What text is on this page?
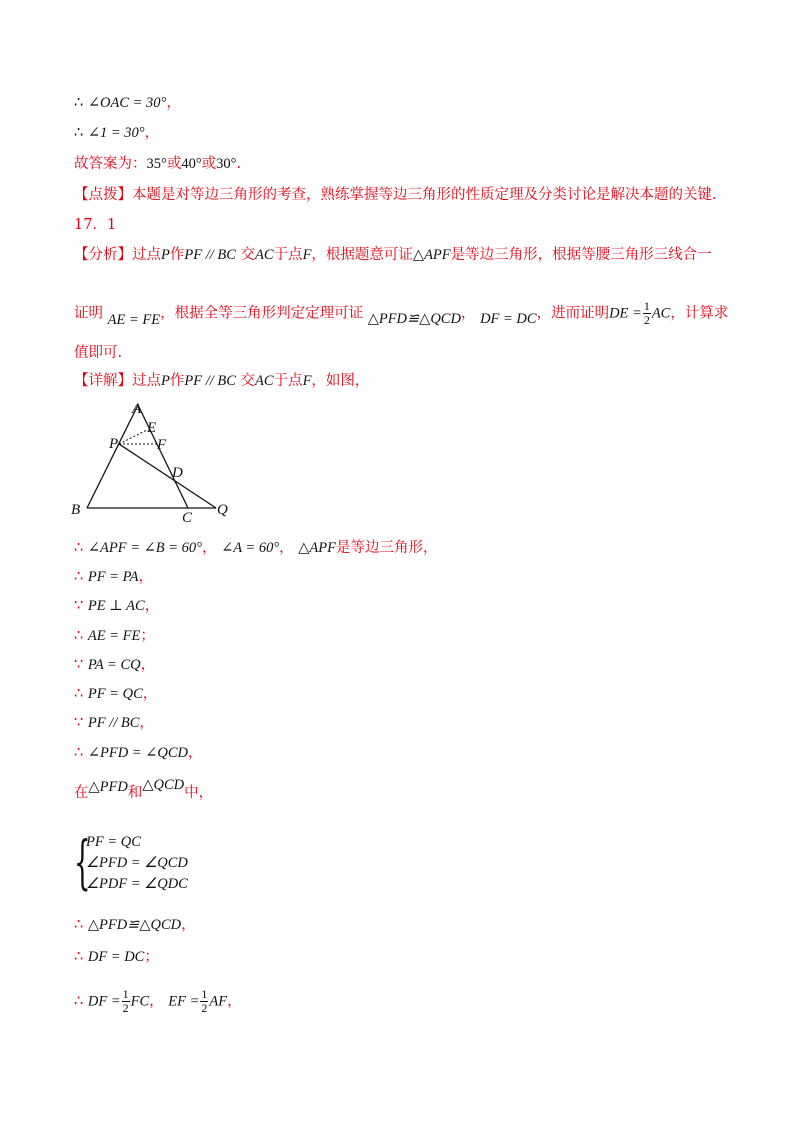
∴ ∠OAC = 30°，
∴ ∠1 = 30°，
故答案为：35°或40°或30°.
【点拨】本题是对等边三角形的考查，熟练掌握等边三角形的性质定理及分类讨论是解决本题的关键.
17．1
【分析】过点P作PF // BC 交AC于点F，根据题意可证△APF是等边三角形，根据等腰三角形三线合一
证明 AE = FE，根据全等三角形判定定理可证 △PFD≌△QCD， DF = DC，进而证明DE = $\frac{1}{2}$ AC，计算求
值即可.
【详解】过点P作PF // BC 交AC于点F，如图，
A
E
P	F
D
B	C Q
∴ ∠APF = ∠B = 60°， ∠A = 60°， △APF是等边三角形，
∴ PF = PA，
∵ PE ⊥ AC，
∴ AE = FE；
∵ PA = CQ，
∴ PF = QC，
∵ PF // BC，
∴ ∠PFD = ∠QCD，
在△PFD和△QCD中，
{
PF = QC
∠PFD = ∠QCD
∠PDF = ∠QDC
∴ △PFD≌△QCD，
∴ DF = DC；
∴ DF = $\frac{1}{2}$ FC， EF = $\frac{1}{2}$ AF，
